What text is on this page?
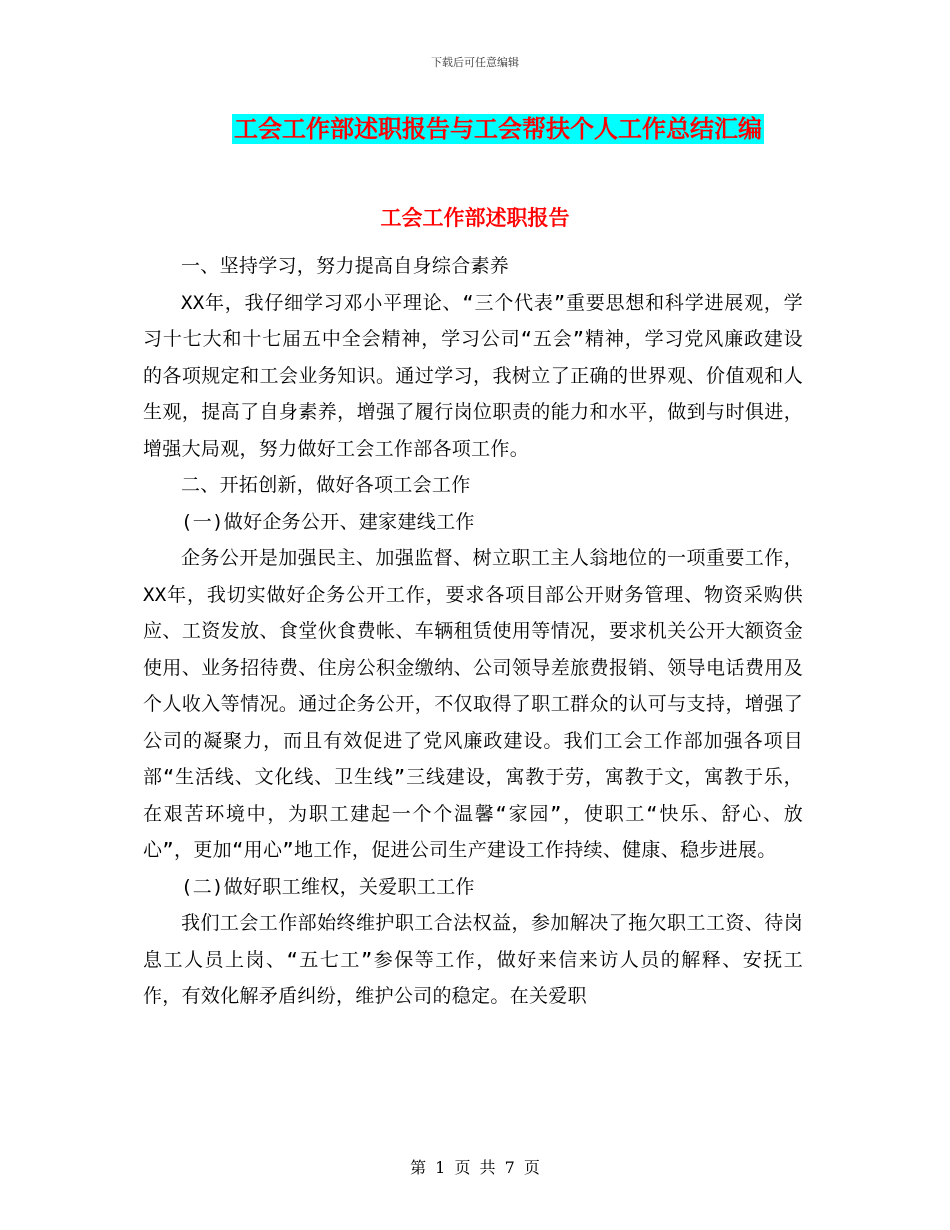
下载后可任意编辑
工会工作部述职报告与工会帮扶个人工作总结汇编
工会工作部述职报告

一、坚持学习，努力提高自身综合素养

XX年，我仔细学习邓小平理论、“三个代表”重要思想和科学进展观，学习十七大和十七届五中全会精神，学习公司“五会”精神，学习党风廉政建设的各项规定和工会业务知识。通过学习，我树立了正确的世界观、价值观和人生观，提高了自身素养，增强了履行岗位职责的能力和水平，做到与时俱进，增强大局观，努力做好工会工作部各项工作。

二、开拓创新，做好各项工会工作

(一)做好企务公开、建家建线工作

企务公开是加强民主、加强监督、树立职工主人翁地位的一项重要工作，XX年，我切实做好企务公开工作，要求各项目部公开财务管理、物资采购供应、工资发放、食堂伙食费帐、车辆租赁使用等情况，要求机关公开大额资金使用、业务招待费、住房公积金缴纳、公司领导差旅费报销、领导电话费用及个人收入等情况。通过企务公开，不仅取得了职工群众的认可与支持，增强了公司的凝聚力，而且有效促进了党风廉政建设。我们工会工作部加强各项目部“生活线、文化线、卫生线”三线建设，寓教于劳，寓教于文，寓教于乐，在艰苦环境中，为职工建起一个个温馨“家园”，使职工“快乐、舒心、放心”，更加“用心”地工作，促进公司生产建设工作持续、健康、稳步进展。

(二)做好职工维权，关爱职工工作

我们工会工作部始终维护职工合法权益，参加解决了拖欠职工工资、待岗息工人员上岗、“五七工”参保等工作，做好来信来访人员的解释、安抚工作，有效化解矛盾纠纷，维护公司的稳定。在关爱职

第 1 页 共 7 页
